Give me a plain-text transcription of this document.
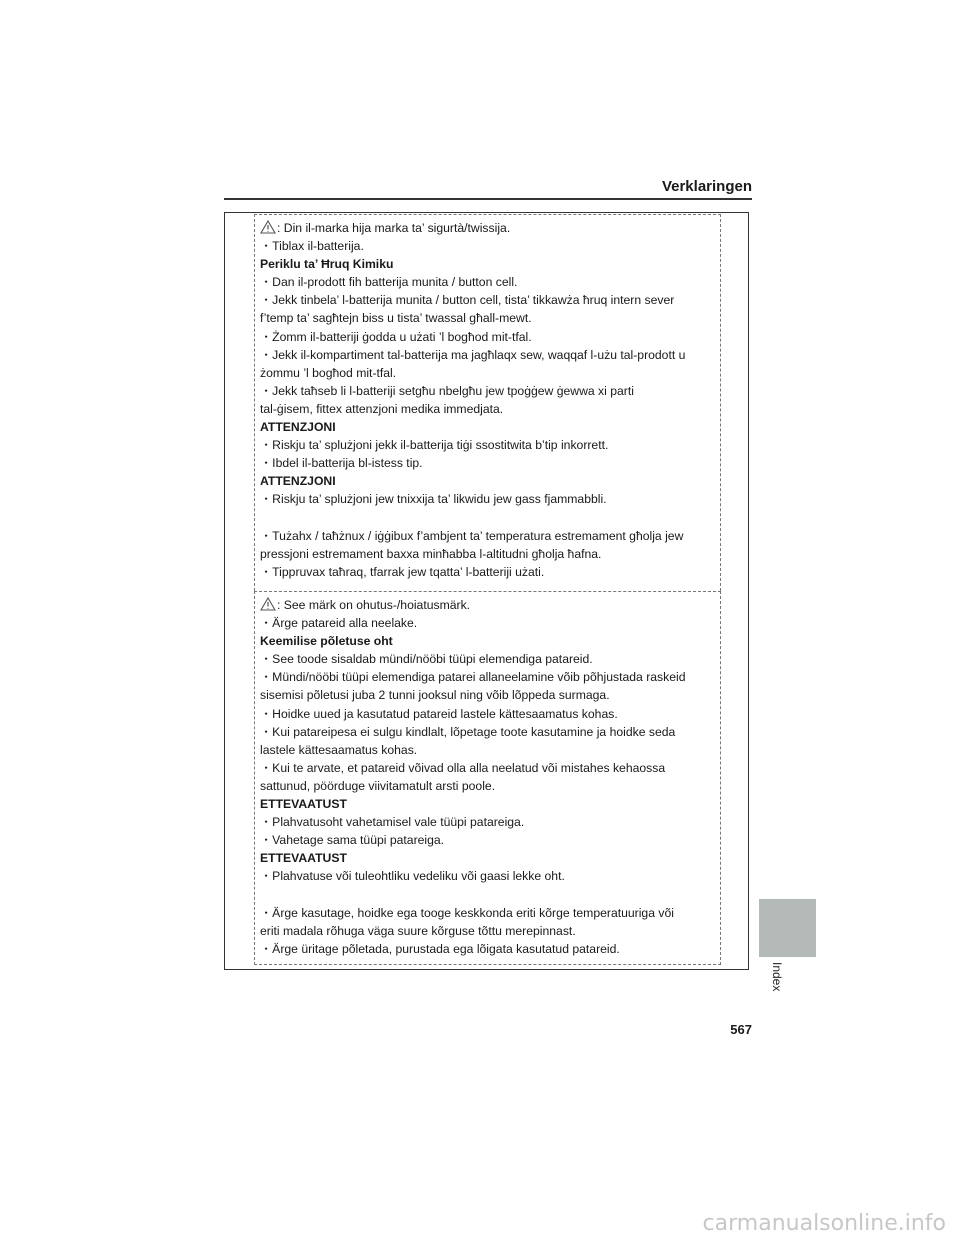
Verklaringen
: Din il-marka hija marka ta’ sigurtà/twissija.
・Tiblax il-batterija.
Periklu ta’ Ħruq Kimiku
・Dan il-prodott fih batterija munita / button cell.
・Jekk tinbela’ l-batterija munita / button cell, tista’ tikkawża ħruq intern sever
f’temp ta’ sagħtejn biss u tista’ twassal għall-mewt.
・Żomm il-batteriji ġodda u użati ’l bogħod mit-tfal.
・Jekk il-kompartiment tal-batterija ma jagħlaqx sew, waqqaf l-użu tal-prodott u
żommu ’l bogħod mit-tfal.
・Jekk taħseb li l-batteriji setgħu nbelgħu jew tpoġġew ġewwa xi parti
tal-ġisem, fittex attenzjoni medika immedjata.
ATTENZJONI
・Riskju ta’ splużjoni jekk il-batterija tiġi ssostitwita b’tip inkorrett.
・Ibdel il-batterija bl-istess tip.
ATTENZJONI
・Riskju ta’ splużjoni jew tnixxija ta’ likwidu jew gass fjammabbli.
・Tużahx / taħżnux / iġġibux f’ambjent ta’ temperatura estremament għolja jew
pressjoni estremament baxxa minħabba l-altitudni għolja ħafna.
・Tippruvax taħraq, tfarrak jew tqatta’ l-batteriji użati.
: See märk on ohutus-/hoiatusmärk.
・Ärge patareid alla neelake.
Keemilise põletuse oht
・See toode sisaldab mündi/nööbi tüüpi elemendiga patareid.
・Mündi/nööbi tüüpi elemendiga patarei allaneelamine võib põhjustada raskeid
sisemisi põletusi juba 2 tunni jooksul ning võib lõppeda surmaga.
・Hoidke uued ja kasutatud patareid lastele kättesaamatus kohas.
・Kui patareipesa ei sulgu kindlalt, lõpetage toote kasutamine ja hoidke seda
lastele kättesaamatus kohas.
・Kui te arvate, et patareid võivad olla alla neelatud või mistahes kehaossa
sattunud, pöörduge viivitamatult arsti poole.
ETTEVAATUST
・Plahvatusoht vahetamisel vale tüüpi patareiga.
・Vahetage sama tüüpi patareiga.
ETTEVAATUST
・Plahvatuse või tuleohtliku vedeliku või gaasi lekke oht.
・Ärge kasutage, hoidke ega tooge keskkonda eriti kõrge temperatuuriga või
eriti madala rõhuga väga suure kõrguse tõttu merepinnast.
・Ärge üritage põletada, purustada ega lõigata kasutatud patareid.
Index
567
carmanualsonline.info
